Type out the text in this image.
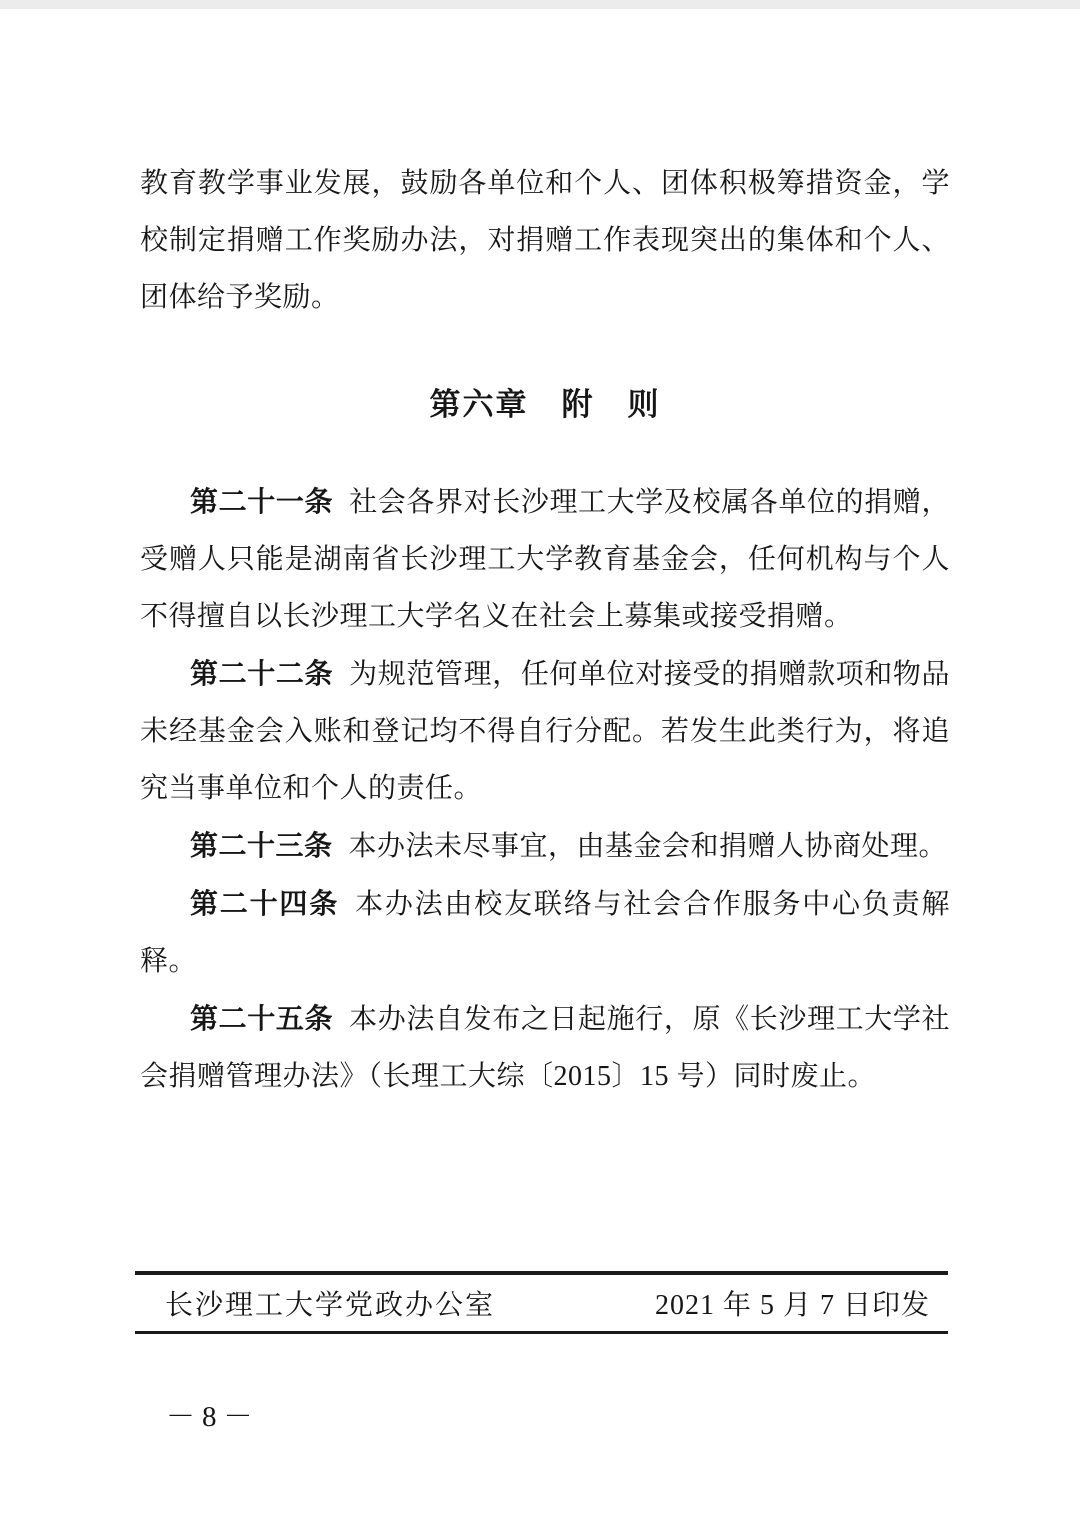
教育教学事业发展，鼓励各单位和个人、团体积极筹措资金，学校制定捐赠工作奖励办法，对捐赠工作表现突出的集体和个人、团体给予奖励。

第六章　附　则

第二十一条 社会各界对长沙理工大学及校属各单位的捐赠，受赠人只能是湖南省长沙理工大学教育基金会，任何机构与个人不得擅自以长沙理工大学名义在社会上募集或接受捐赠。

第二十二条 为规范管理，任何单位对接受的捐赠款项和物品未经基金会入账和登记均不得自行分配。若发生此类行为，将追究当事单位和个人的责任。

第二十三条 本办法未尽事宜，由基金会和捐赠人协商处理。

第二十四条 本办法由校友联络与社会合作服务中心负责解释。

第二十五条 本办法自发布之日起施行，原《长沙理工大学社会捐赠管理办法》（长理工大综〔2015〕15 号）同时废止。

长沙理工大学党政办公室	2021 年 5 月 7 日印发
－8－
